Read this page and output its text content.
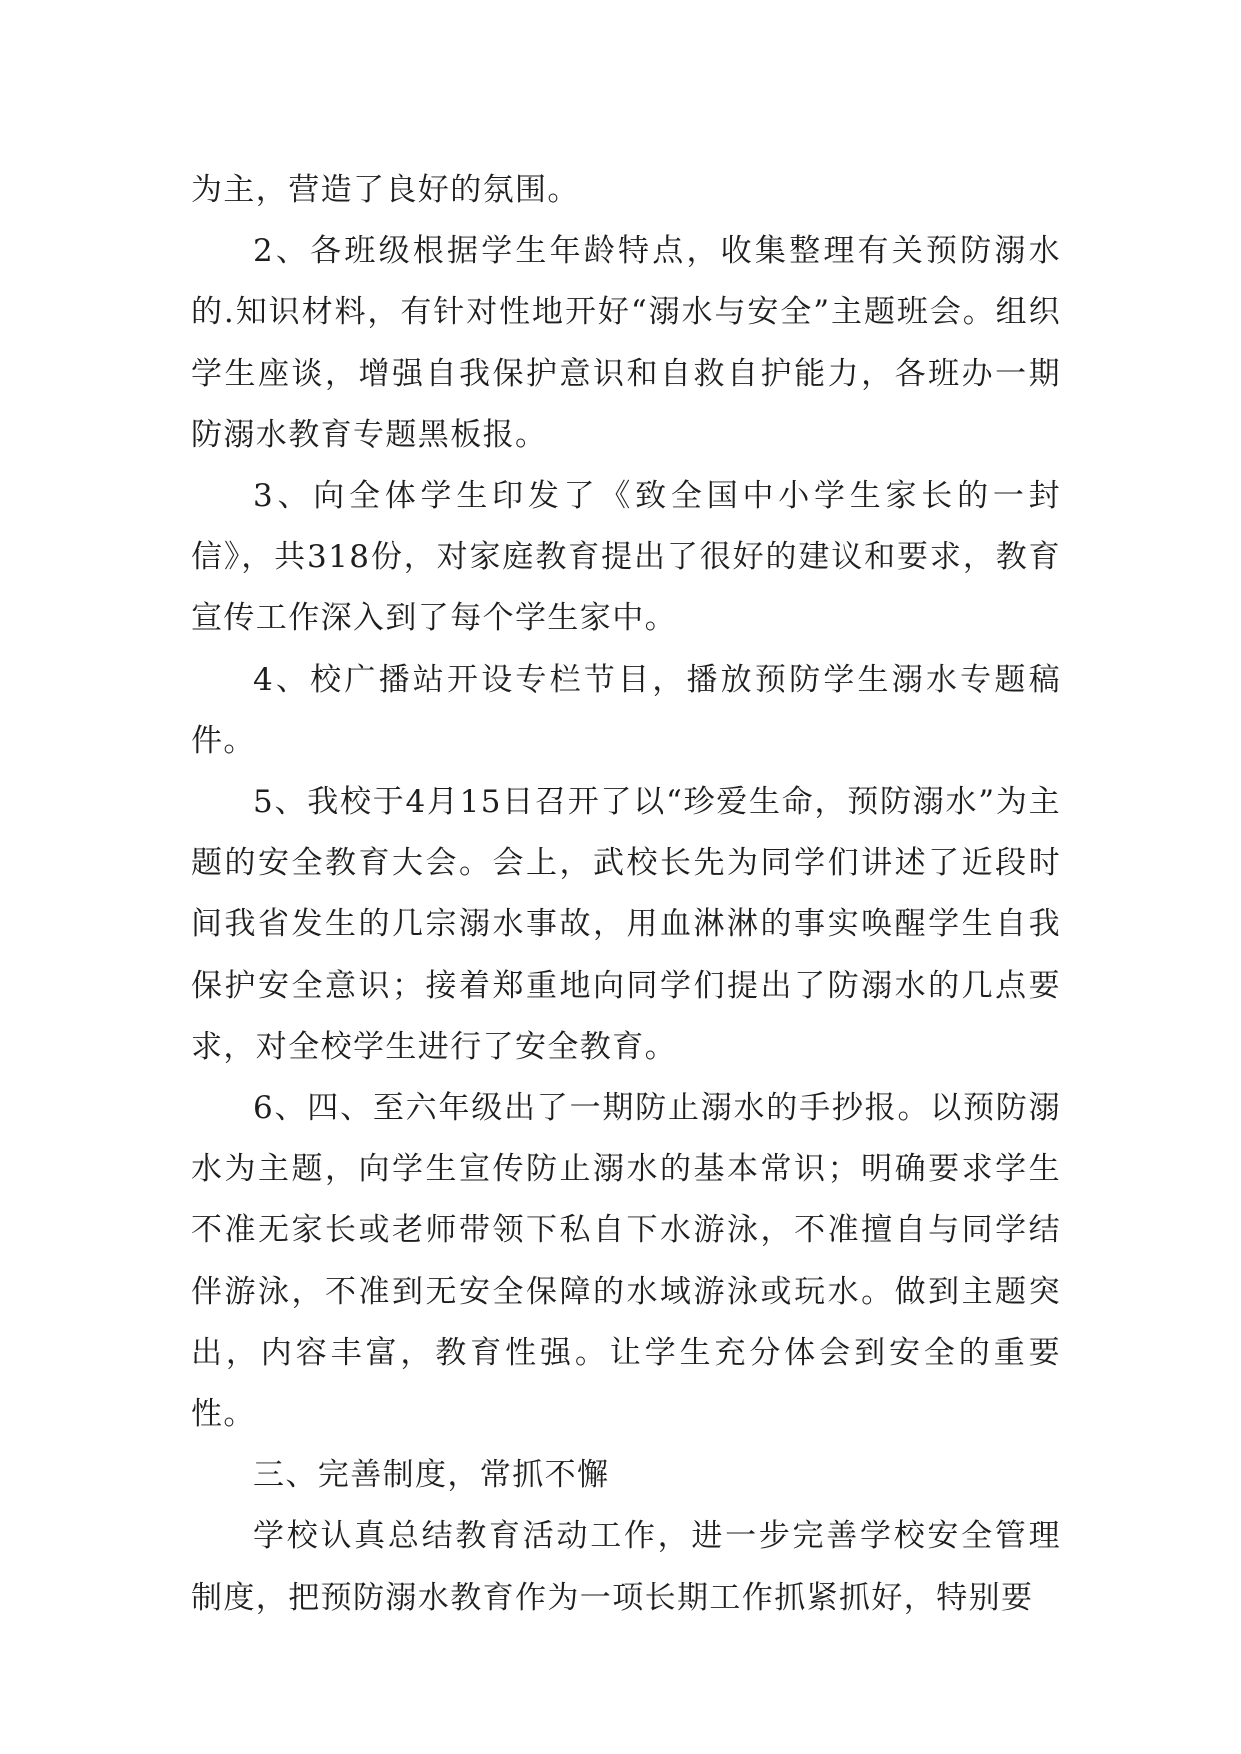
为主，营造了良好的氛围。

2、各班级根据学生年龄特点，收集整理有关预防溺水的.知识材料，有针对性地开好“溺水与安全”主题班会。组织学生座谈，增强自我保护意识和自救自护能力，各班办一期防溺水教育专题黑板报。

3、向全体学生印发了《致全国中小学生家长的一封信》，共318份，对家庭教育提出了很好的建议和要求，教育宣传工作深入到了每个学生家中。

4、校广播站开设专栏节目，播放预防学生溺水专题稿件。

5、我校于4月15日召开了以“珍爱生命，预防溺水”为主题的安全教育大会。会上，武校长先为同学们讲述了近段时间我省发生的几宗溺水事故，用血淋淋的事实唤醒学生自我保护安全意识；接着郑重地向同学们提出了防溺水的几点要求，对全校学生进行了安全教育。

6、四、至六年级出了一期防止溺水的手抄报。以预防溺水为主题，向学生宣传防止溺水的基本常识；明确要求学生不准无家长或老师带领下私自下水游泳，不准擅自与同学结伴游泳，不准到无安全保障的水域游泳或玩水。做到主题突出，内容丰富，教育性强。让学生充分体会到安全的重要性。

三、完善制度，常抓不懈

学校认真总结教育活动工作，进一步完善学校安全管理制度，把预防溺水教育作为一项长期工作抓紧抓好，特别要
